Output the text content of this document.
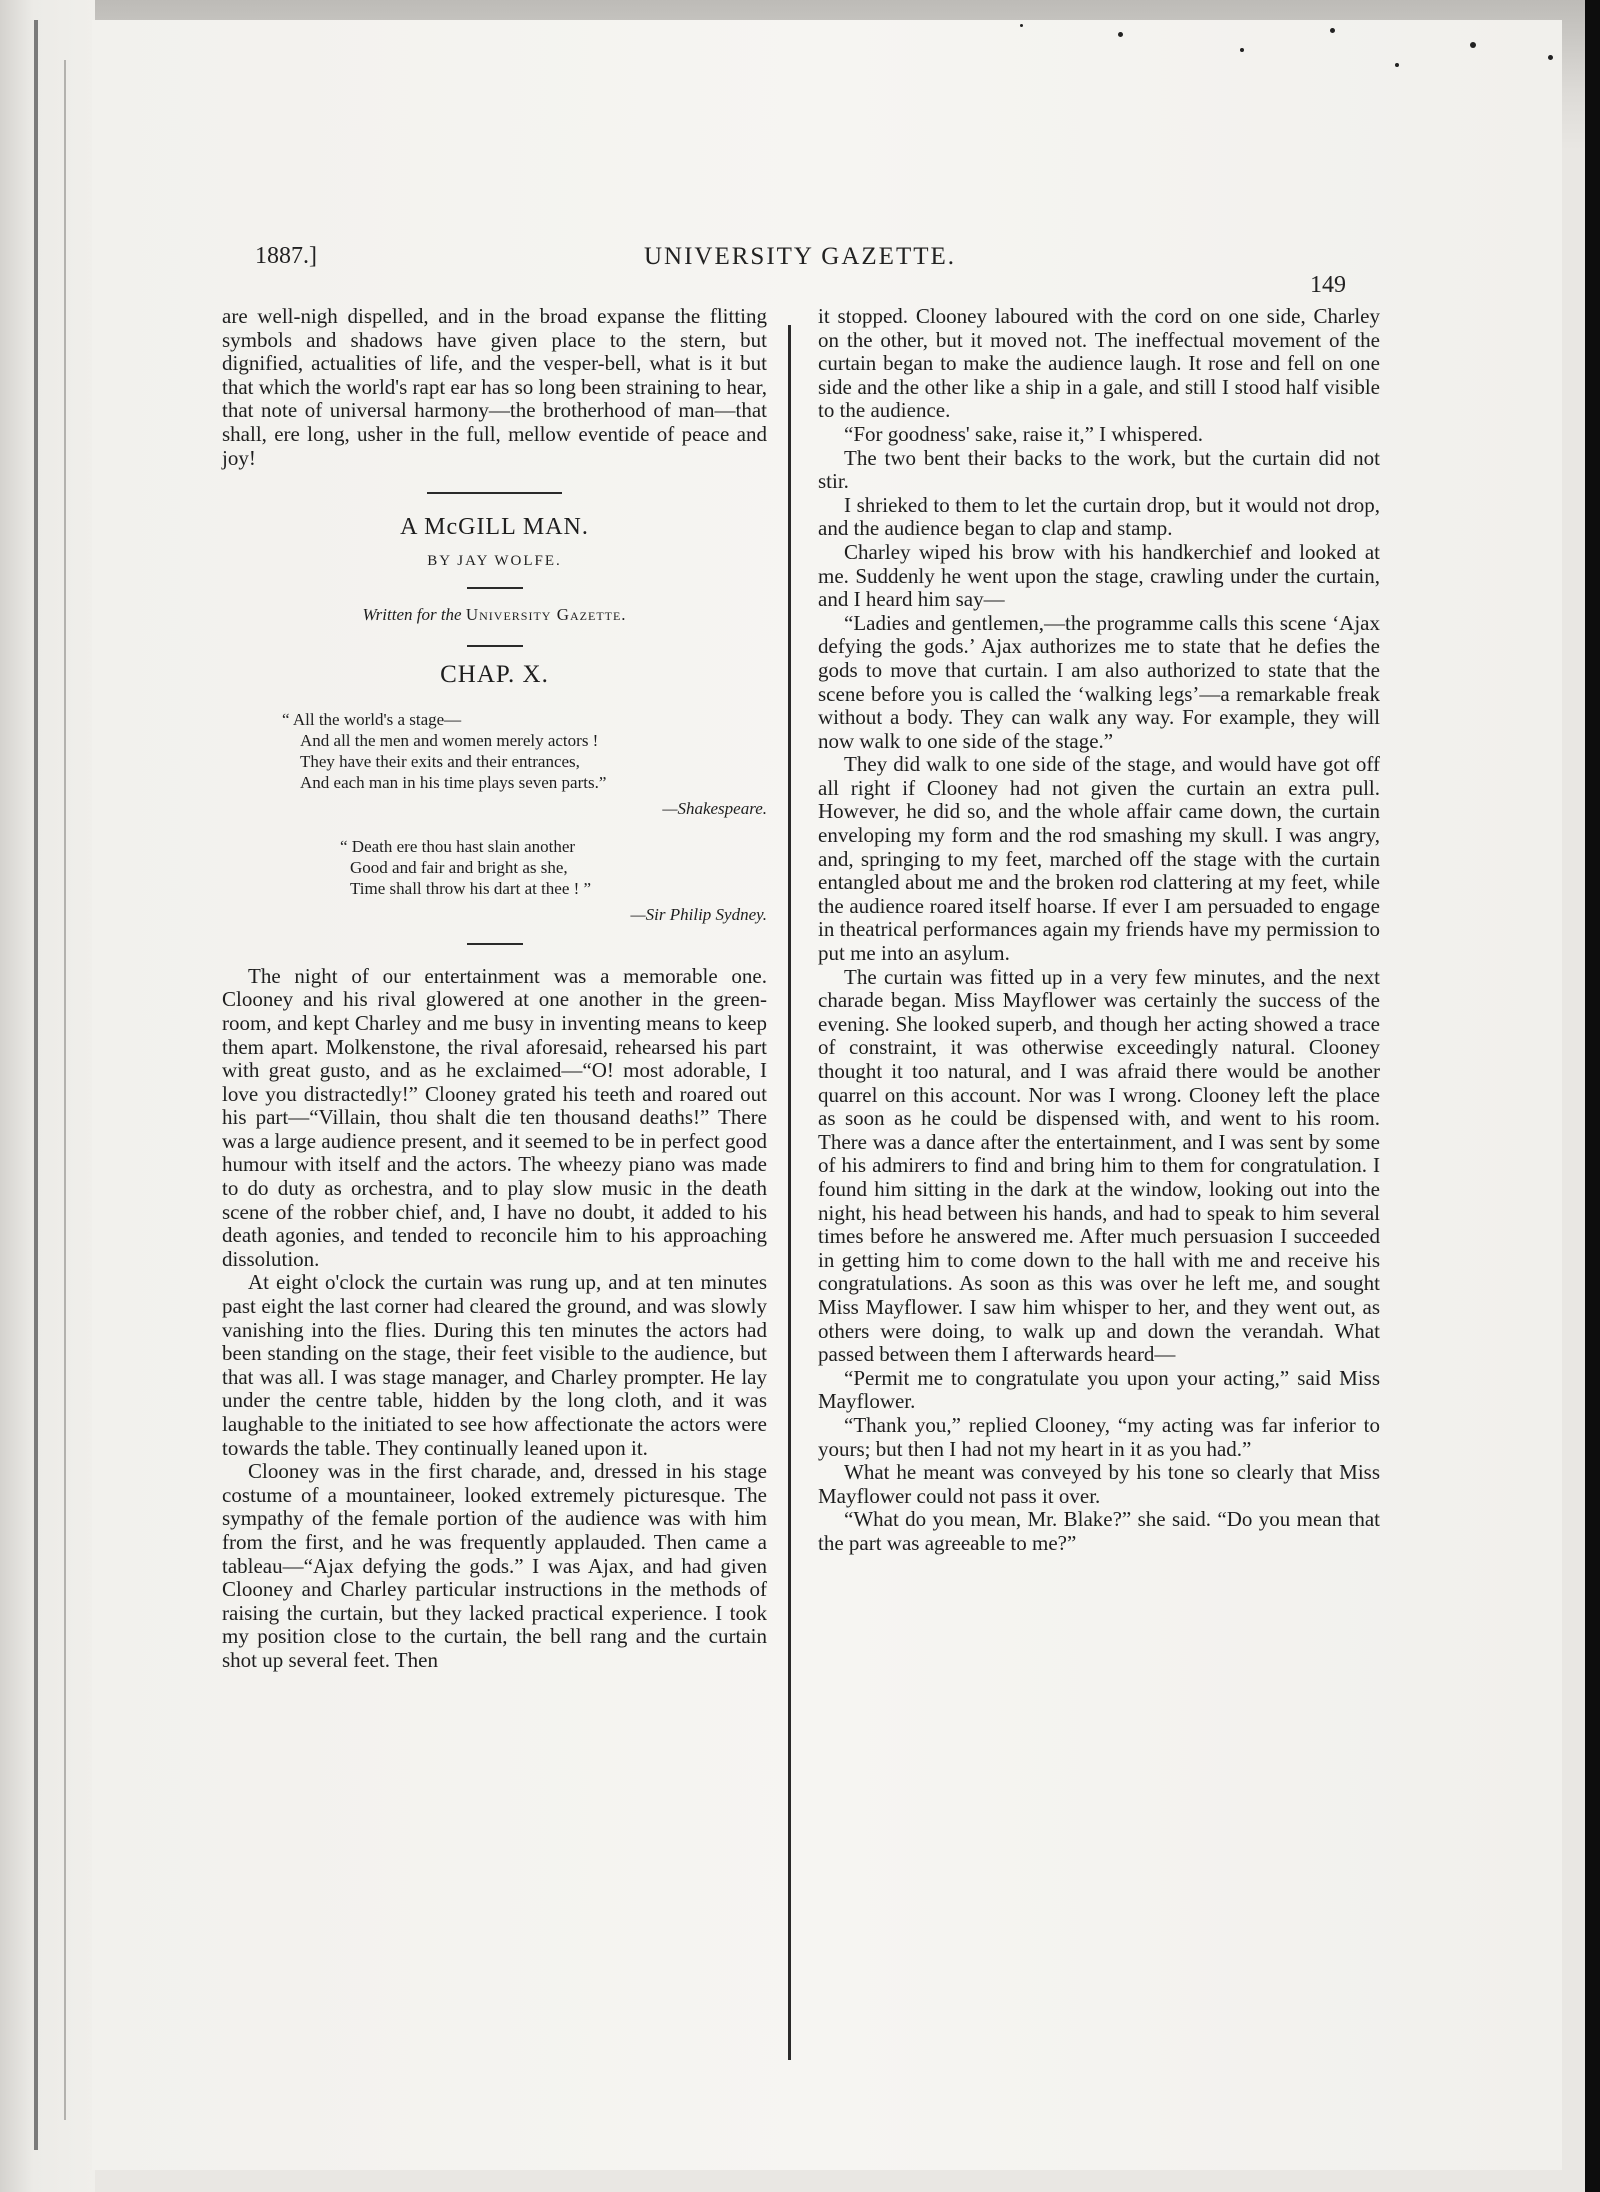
1887.]	UNIVERSITY GAZETTE.
149

are well-nigh dispelled, and in the broad expanse the flitting symbols and shadows have given place to the stern, but dignified, actualities of life, and the vesper-bell, what is it but that which the world's rapt ear has so long been straining to hear, that note of universal harmony—the brotherhood of man—that shall, ere long, usher in the full, mellow eventide of peace and joy!

A McGILL MAN.
BY JAY WOLFE.
Written for the University Gazette.
CHAP. X.
“ All the world's a stage—
And all the men and women merely actors !
They have their exits and their entrances,
And each man in his time plays seven parts.”
—Shakespeare.
“ Death ere thou hast slain another
Good and fair and bright as she,
Time shall throw his dart at thee ! ”
—Sir Philip Sydney.

The night of our entertainment was a memorable one. Clooney and his rival glowered at one another in the green-room, and kept Charley and me busy in inventing means to keep them apart. Molkenstone, the rival aforesaid, rehearsed his part with great gusto, and as he exclaimed—“O! most adorable, I love you distractedly!” Clooney grated his teeth and roared out his part—“Villain, thou shalt die ten thousand deaths!” There was a large audience present, and it seemed to be in perfect good humour with itself and the actors. The wheezy piano was made to do duty as orchestra, and to play slow music in the death scene of the robber chief, and, I have no doubt, it added to his death agonies, and tended to reconcile him to his approaching dissolution.

At eight o'clock the curtain was rung up, and at ten minutes past eight the last corner had cleared the ground, and was slowly vanishing into the flies. During this ten minutes the actors had been standing on the stage, their feet visible to the audience, but that was all. I was stage manager, and Charley prompter. He lay under the centre table, hidden by the long cloth, and it was laughable to the initiated to see how affectionate the actors were towards the table. They continually leaned upon it.

Clooney was in the first charade, and, dressed in his stage costume of a mountaineer, looked extremely picturesque. The sympathy of the female portion of the audience was with him from the first, and he was frequently applauded. Then came a tableau—“Ajax defying the gods.” I was Ajax, and had given Clooney and Charley particular instructions in the methods of raising the curtain, but they lacked practical experience. I took my position close to the curtain, the bell rang and the curtain shot up several feet. Then

it stopped. Clooney laboured with the cord on one side, Charley on the other, but it moved not. The ineffectual movement of the curtain began to make the audience laugh. It rose and fell on one side and the other like a ship in a gale, and still I stood half visible to the audience.

“For goodness' sake, raise it,” I whispered.

The two bent their backs to the work, but the curtain did not stir.

I shrieked to them to let the curtain drop, but it would not drop, and the audience began to clap and stamp.

Charley wiped his brow with his handkerchief and looked at me. Suddenly he went upon the stage, crawling under the curtain, and I heard him say—

“Ladies and gentlemen,—the programme calls this scene ‘Ajax defying the gods.’ Ajax authorizes me to state that he defies the gods to move that curtain. I am also authorized to state that the scene before you is called the ‘walking legs’—a remarkable freak without a body. They can walk any way. For example, they will now walk to one side of the stage.”

They did walk to one side of the stage, and would have got off all right if Clooney had not given the curtain an extra pull. However, he did so, and the whole affair came down, the curtain enveloping my form and the rod smashing my skull. I was angry, and, springing to my feet, marched off the stage with the curtain entangled about me and the broken rod clattering at my feet, while the audience roared itself hoarse. If ever I am persuaded to engage in theatrical performances again my friends have my permission to put me into an asylum.

The curtain was fitted up in a very few minutes, and the next charade began. Miss Mayflower was certainly the success of the evening. She looked superb, and though her acting showed a trace of constraint, it was otherwise exceedingly natural. Clooney thought it too natural, and I was afraid there would be another quarrel on this account. Nor was I wrong. Clooney left the place as soon as he could be dispensed with, and went to his room. There was a dance after the entertainment, and I was sent by some of his admirers to find and bring him to them for congratulation. I found him sitting in the dark at the window, looking out into the night, his head between his hands, and had to speak to him several times before he answered me. After much persuasion I succeeded in getting him to come down to the hall with me and receive his congratulations. As soon as this was over he left me, and sought Miss Mayflower. I saw him whisper to her, and they went out, as others were doing, to walk up and down the verandah. What passed between them I afterwards heard—

“Permit me to congratulate you upon your acting,” said Miss Mayflower.

“Thank you,” replied Clooney, “my acting was far inferior to yours; but then I had not my heart in it as you had.”

What he meant was conveyed by his tone so clearly that Miss Mayflower could not pass it over.

“What do you mean, Mr. Blake?” she said. “Do you mean that the part was agreeable to me?”
